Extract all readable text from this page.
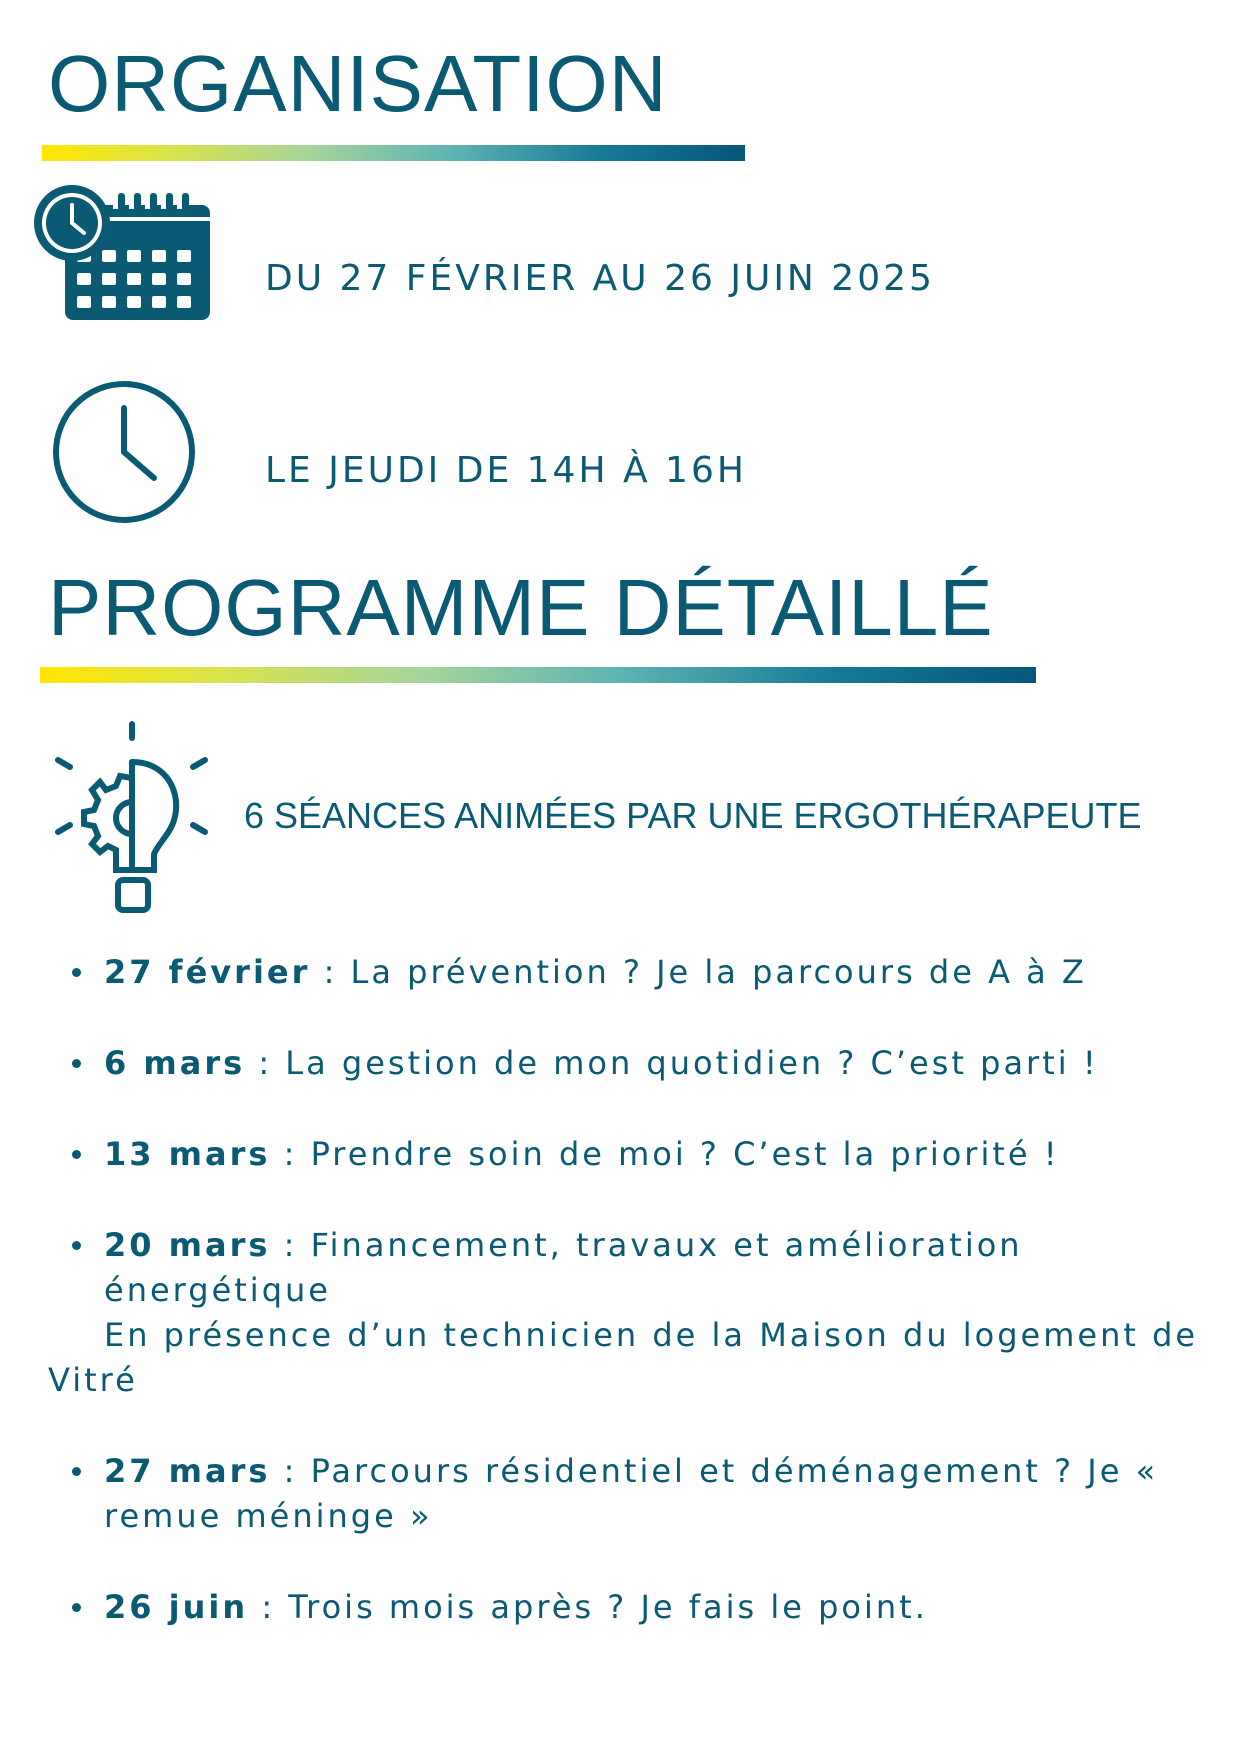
ORGANISATION
DU 27 FÉVRIER AU 26 JUIN 2025
LE JEUDI DE 14H À 16H
PROGRAMME DÉTAILLÉ
6 SÉANCES ANIMÉES PAR UNE ERGOTHÉRAPEUTE
27 février : La prévention ? Je la parcours de A à Z
6 mars : La gestion de mon quotidien ? C’est parti !
13 mars : Prendre soin de moi ? C’est la priorité !
20 mars : Financement, travaux et amélioration énergétique
En présence d’un technicien de la Maison du logement de Vitré
27 mars : Parcours résidentiel et déménagement ? Je « remue méninge »
26 juin : Trois mois après ? Je fais le point.
